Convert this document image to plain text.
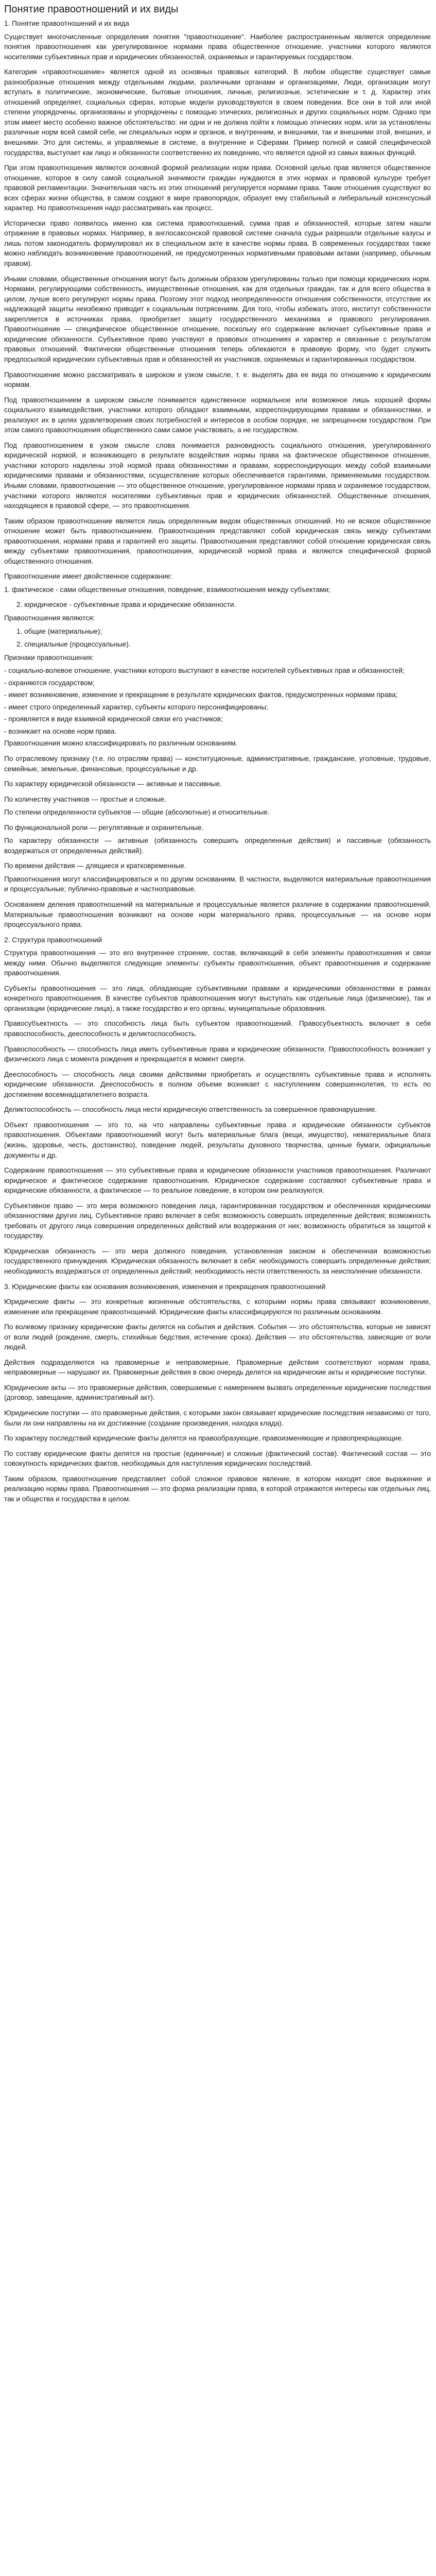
Понятие правоотношений и их виды

1. Понятие правоотношений и их вида

Существует многочисленные определения понятия "правоотношение". Наиболее распространенным является определение понятия правоотношения как урегулированное нормами права общественное отношение, участники которого являются носителями субъективных прав и юридических обязанностей, охраняемых и гарантируемых государством.

Категория «правоотношение» является одной из основных правовых категорий. В любом обществе существует самые разнообразные отношения между отдельными людьми, различными органами и организациями, Люди, организации могут вступать в политические, экономические, бытовые отношения, личные, религиозные, эстетические и т. д. Характер этих отношений определяет, социальных сферах, которые модели руководствуются в своем поведении. Все они в той или иной степени упорядочены, организованы и упорядочены с помощью этических, религиозных и других социальных норм. Однако при этом имеет место особенно важное обстоятельство: ни одни и не должна пойти к помощью этических норм, или за установлены различные норм всей самой себе, ни специальных норм и органов, и внутренним, и внешними, так и внешними этой, внешних, и внешними. Это для системы, и управляемые в системе, а внутренние и Сферами. Пример полной и самой специфической государства, выступает как лицо и обязанности соответственно их поведению, что является одной из самых важных функций.

При этом правоотношения являются основной формой реализации норм права. Основной целью прав является общественное отношение, которое в силу самой социальной значимости граждан нуждаются в этих нормах и правовой культуре требует правовой регламентации. Значительная часть из этих отношений регулируется нормами права. Такие отношения существуют во всех сферах жизни общества, в самом создают в мире правопорядок, образует ему стабильный и либеральный консенсусный характер. Но правоотношения надо рассматривать как процесс.

Исторически право появилось именно как система правоотношений, сумма прав и обязанностей, которые затем нашли отражение в правовых нормах. Например, в англосаксонской правовой системе сначала судьи разрешали отдельные казусы и лишь потом законодатель формулировал их в специальном акте в качестве нормы права. В современных государствах также можно наблюдать возникновение правоотношений, не предусмотренных нормативными правовыми актами (например, обычным правом).

Иными словами, общественные отношения могут быть должным образом урегулированы только при помощи юридических норм. Нормами, регулирующими собственность, имущественные отношения, как для отдельных граждан, так и для всего общества в целом, лучше всего регулируют нормы права. Поэтому этот подход неопределенности отношения собственности, отсутствие их надлежащей защиты неизбежно приводит к социальным потрясениям. Для того, чтобы избежать этого, институт собственности закрепляется в источниках права, приобретает защиту государственного механизма и правового регулирования. Правоотношение — специфическое общественное отношение, поскольку его содержание включает субъективные права и юридические обязанности. Субъективное право участвуют в правовых отношениях и характер и связанные с результатом правовых отношений. Фактически общественные отношения теперь облекаются в правовую форму, что будет служить предпосылкой юридических субъективных прав и обязанностей их участников, охраняемых и гарантированных государством.

Правоотношение можно рассматривать в широком и узком смысле, т. е. выделять два ее вида по отношению к юридическим нормам.

Под правоотношением в широком смысле понимается единственное нормальное или возможное лишь хорошей формы социального взаимодействия, участники которого обладают взаимными, корреспондирующими правами и обязанностями, и реализуют их в целях удовлетворения своих потребностей и интересов в особом порядке, не запрещенном государством. При этом самого правоотношения общественного сами самое участвовать, а не государством.

Под правоотношением в узком смысле слова понимается разновидность социального отношения, урегулированного юридической нормой, и возникающего в результате воздействия нормы права на фактическое общественное отношение, участники которого наделены этой нормой права обязанностями и правами, корреспондирующих между собой взаимными юридическими правами и обязанностями, осуществление которых обеспечивается гарантиями, применяемыми государством. Иными словами, правоотношение — это общественное отношение, урегулированное нормами права и охраняемое государством, участники которого являются носителями субъективных прав и юридических обязанностей. Общественные отношения, находящиеся в правовой сфере, — это правоотношения.

Таким образом правоотношение является лишь определенным видом общественных отношений. Но не всякое общественное отношение может быть правоотношением. Правоотношения представляют собой юридическая связь между субъектами правоотношения, нормами права и гарантией его защиты. Правоотношения представляют собой отношение юридическая связь между субъектами правоотношения, правоотношения, юридической нормой права и являются специфической формой общественного отношения.

Правоотношение имеет двойственное содержание:

1. фактическое - сами общественные отношения, поведение, взаимоотношения между субъектами;

2. юридическое - субъективные права и юридические обязанности.

Правоотношения являются:

1. общие (материальные);

2. специальные (процессуальные).

Признаки правоотношения:

- социально-волевое отношение, участники которого выступают в качестве носителей субъективных прав и обязанностей;

- охраняются государством;

- имеет возникновение, изменение и прекращение в результате юридических фактов, предусмотренных нормами права;

- имеет строго определенный характер, субъекты которого персонифицированы;

- проявляется в виде взаимной юридической связи его участников;

- возникает на основе норм права.

Правоотношения можно классифицировать по различным основаниям.

По отраслевому признаку (т.е. по отраслям права) — конституционные, административные, гражданские, уголовные, трудовые, семейные, земельные, финансовые, процессуальные и др.

По характеру юридической обязанности — активные и пассивные.

По количеству участников — простые и сложные.

По степени определенности субъектов — общие (абсолютные) и относительные.

По функциональной роли — регулятивные и охранительные.

По характеру обязанности — активные (обязанность совершить определенные действия) и пассивные (обязанность воздержаться от определенных действий).

По времени действия — длящиеся и кратковременные.

Правоотношения могут классифицироваться и по другим основаниям. В частности, выделяются материальные правоотношения и процессуальные; публично-правовые и частноправовые.

Основанием деления правоотношений на материальные и процессуальные является различие в содержании правоотношений. Материальные правоотношения возникают на основе норм материального права, процессуальные — на основе норм процессуального права.

2. Структура правоотношений

Структура правоотношения — это его внутреннее строение, состав, включающий в себя элементы правоотношения и связи между ними. Обычно выделяются следующие элементы: субъекты правоотношения, объект правоотношения и содержание правоотношения.

Субъекты правоотношения — это лица, обладающие субъективными правами и юридическими обязанностями в рамках конкретного правоотношения. В качестве субъектов правоотношения могут выступать как отдельные лица (физические), так и организации (юридические лица), а также государство и его органы, муниципальные образования.

Правосубъектность — это способность лица быть субъектом правоотношений. Правосубъектность включает в себя правоспособность, дееспособность и деликтоспособность.

Правоспособность — способность лица иметь субъективные права и юридические обязанности. Правоспособность возникает у физического лица с момента рождения и прекращается в момент смерти.

Дееспособность — способность лица своими действиями приобретать и осуществлять субъективные права и исполнять юридические обязанности. Дееспособность в полном объеме возникает с наступлением совершеннолетия, то есть по достижении восемнадцатилетнего возраста.

Деликтоспособность — способность лица нести юридическую ответственность за совершенное правонарушение.

Объект правоотношения — это то, на что направлены субъективные права и юридические обязанности субъектов правоотношения. Объектами правоотношений могут быть материальные блага (вещи, имущество), нематериальные блага (жизнь, здоровье, честь, достоинство), поведение людей, результаты духовного творчества, ценные бумаги, официальные документы и др.

Содержание правоотношения — это субъективные права и юридические обязанности участников правоотношения. Различают юридическое и фактическое содержание правоотношения. Юридическое содержание составляют субъективные права и юридические обязанности, а фактическое — то реальное поведение, в котором они реализуются.

Субъективное право — это мера возможного поведения лица, гарантированная государством и обеспеченная юридическими обязанностями других лиц. Субъективное право включает в себя: возможность совершать определенные действия; возможность требовать от другого лица совершения определенных действий или воздержания от них; возможность обратиться за защитой к государству.

Юридическая обязанность — это мера должного поведения, установленная законом и обеспеченная возможностью государственного принуждения. Юридическая обязанность включает в себя: необходимость совершить определенные действия; необходимость воздержаться от определенных действий; необходимость нести ответственность за неисполнение обязанности.

3. Юридические факты как основания возникновения, изменения и прекращения правоотношений

Юридические факты — это конкретные жизненные обстоятельства, с которыми нормы права связывают возникновение, изменение или прекращение правоотношений. Юридические факты классифицируются по различным основаниям.

По волевому признаку юридические факты делятся на события и действия. События — это обстоятельства, которые не зависят от воли людей (рождение, смерть, стихийные бедствия, истечение срока). Действия — это обстоятельства, зависящие от воли людей.

Действия подразделяются на правомерные и неправомерные. Правомерные действия соответствуют нормам права, неправомерные — нарушают их. Правомерные действия в свою очередь делятся на юридические акты и юридические поступки.

Юридические акты — это правомерные действия, совершаемые с намерением вызвать определенные юридические последствия (договор, завещание, административный акт).

Юридические поступки — это правомерные действия, с которыми закон связывает юридические последствия независимо от того, были ли они направлены на их достижение (создание произведения, находка клада).

По характеру последствий юридические факты делятся на правообразующие, правоизменяющие и правопрекращающие.

По составу юридические факты делятся на простые (единичные) и сложные (фактический состав). Фактический состав — это совокупность юридических фактов, необходимых для наступления юридических последствий.

Таким образом, правоотношение представляет собой сложное правовое явление, в котором находят свое выражение и реализацию нормы права. Правоотношения — это форма реализации права, в которой отражаются интересы как отдельных лиц, так и общества и государства в целом.
